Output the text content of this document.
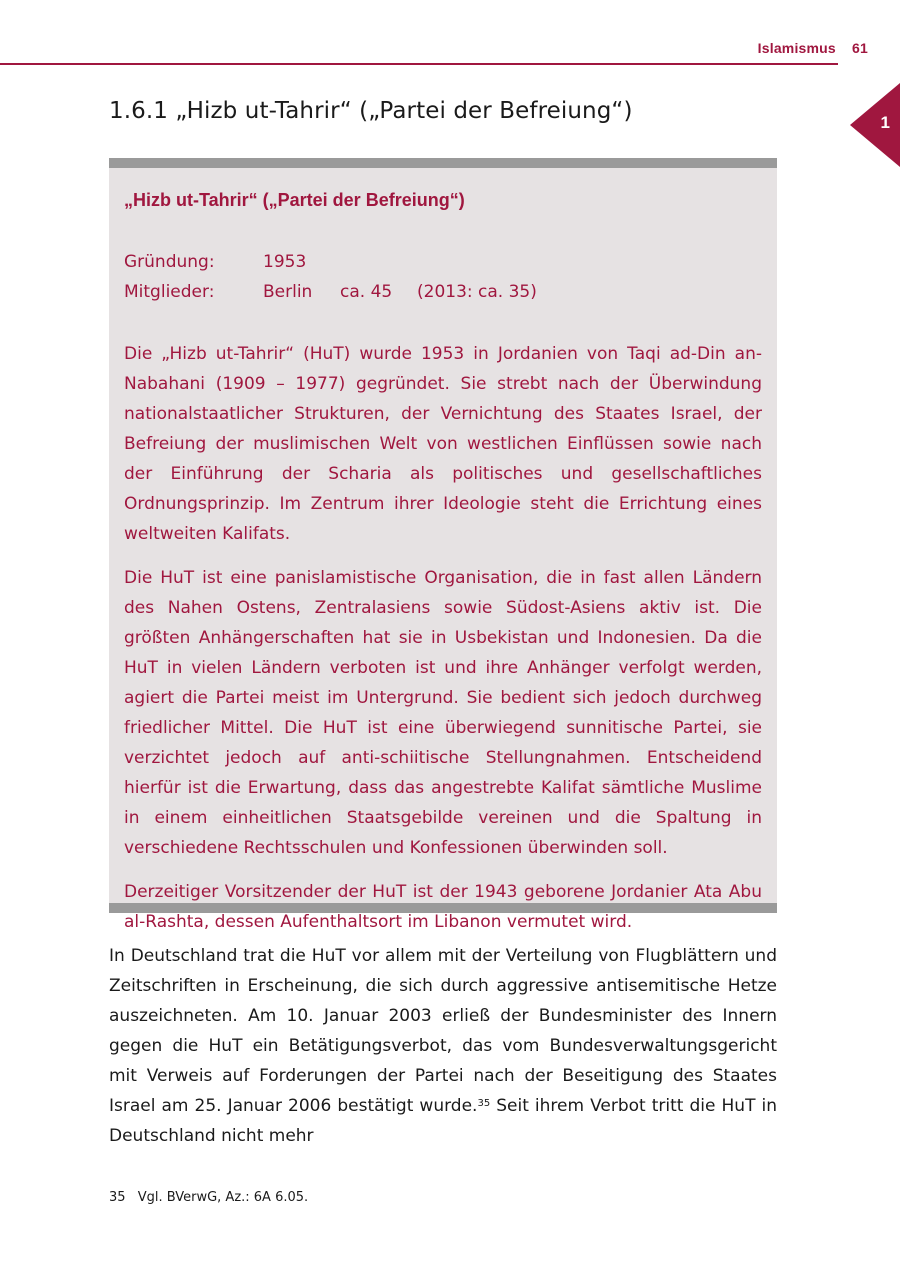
Islamismus 61
1
1.6.1 „Hizb ut-Tahrir“ („Partei der Befreiung“)
„Hizb ut-Tahrir“ („Partei der Befreiung“)
Gründung:	1953
Mitglieder:	Berlin	ca. 45	(2013: ca. 35)

Die „Hizb ut-Tahrir“ (HuT) wurde 1953 in Jordanien von Taqi ad-Din an-Nabahani (1909 – 1977) gegründet. Sie strebt nach der Überwindung nationalstaatlicher Strukturen, der Vernichtung des Staates Israel, der Befreiung der muslimischen Welt von westlichen Einflüssen sowie nach der Einführung der Scharia als politisches und gesellschaftliches Ordnungsprinzip. Im Zentrum ihrer Ideologie steht die Errichtung eines weltweiten Kalifats.

Die HuT ist eine panislamistische Organisation, die in fast allen Ländern des Nahen Ostens, Zentralasiens sowie Südost-Asiens aktiv ist. Die größten Anhängerschaften hat sie in Usbekistan und Indonesien. Da die HuT in vielen Ländern verboten ist und ihre Anhänger verfolgt werden, agiert die Partei meist im Untergrund. Sie bedient sich jedoch durchweg friedlicher Mittel. Die HuT ist eine überwiegend sunnitische Partei, sie verzichtet jedoch auf anti-schiitische Stellungnahmen. Entscheidend hierfür ist die Erwartung, dass das angestrebte Kalifat sämtliche Muslime in einem einheitlichen Staatsgebilde vereinen und die Spaltung in verschiedene Rechtsschulen und Konfessionen überwinden soll.

Derzeitiger Vorsitzender der HuT ist der 1943 geborene Jordanier Ata Abu al-Rashta, dessen Aufenthaltsort im Libanon vermutet wird.

In Deutschland trat die HuT vor allem mit der Verteilung von Flugblättern und Zeitschriften in Erscheinung, die sich durch aggressive antisemitische Hetze auszeichneten. Am 10. Januar 2003 erließ der Bundesminister des Innern gegen die HuT ein Betätigungsverbot, das vom Bundesverwaltungsgericht mit Verweis auf Forderungen der Partei nach der Beseitigung des Staates Israel am 25. Januar 2006 bestätigt wurde.$^{35}$ Seit ihrem Verbot tritt die HuT in Deutschland nicht mehr

35 Vgl. BVerwG, Az.: 6A 6.05.
